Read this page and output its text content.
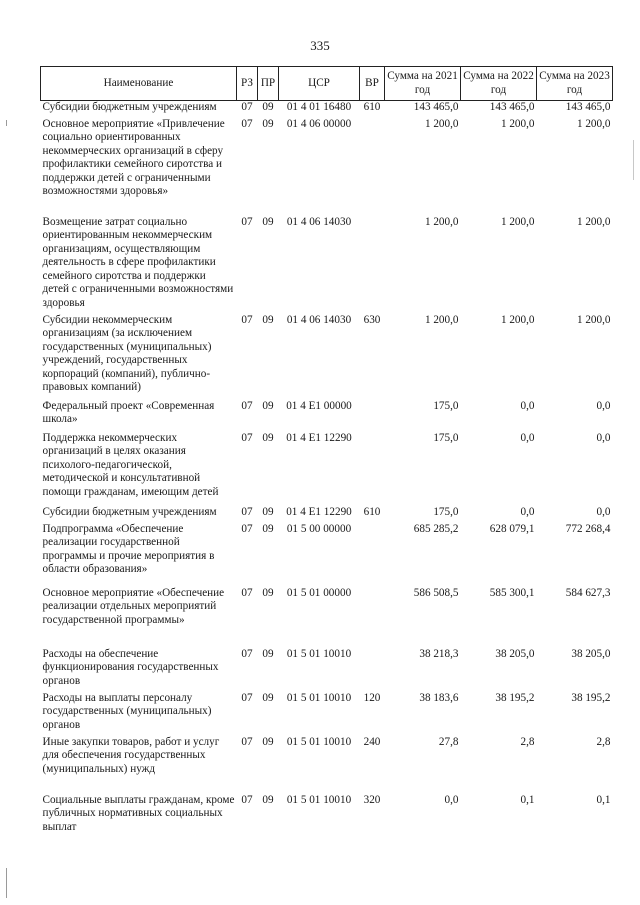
335
Наименование	РЗ	ПР	ЦСР	ВР	Сумма на 2021 год	Сумма на 2022 год	Сумма на 2023 год
Субсидии бюджетным учреждениям	07	09	01 4 01 16480	610	143 465,0	143 465,0	143 465,0
Основное мероприятие «Привлечение социально ориентированных некоммерческих организаций в сферу профилактики семейного сиротства и поддержки детей с ограниченными возможностями здоровья»	07	09	01 4 06 00000		1 200,0	1 200,0	1 200,0
Возмещение затрат социально ориентированным некоммерческим организациям, осуществляющим деятельность в сфере профилактики семейного сиротства и поддержки детей с ограниченными возможностями здоровья	07	09	01 4 06 14030		1 200,0	1 200,0	1 200,0
Субсидии некоммерческим организациям (за исключением государственных (муниципальных) учреждений, государственных корпораций (компаний), публично-правовых компаний)	07	09	01 4 06 14030	630	1 200,0	1 200,0	1 200,0
Федеральный проект «Современная школа»	07	09	01 4 E1 00000		175,0	0,0	0,0
Поддержка некоммерческих организаций в целях оказания психолого-педагогической, методической и консультативной помощи гражданам, имеющим детей	07	09	01 4 E1 12290		175,0	0,0	0,0
Субсидии бюджетным учреждениям	07	09	01 4 E1 12290	610	175,0	0,0	0,0
Подпрограмма «Обеспечение реализации государственной программы и прочие мероприятия в области образования»	07	09	01 5 00 00000		685 285,2	628 079,1	772 268,4
Основное мероприятие «Обеспечение реализации отдельных мероприятий государственной программы»	07	09	01 5 01 00000		586 508,5	585 300,1	584 627,3
Расходы на обеспечение функционирования государственных органов	07	09	01 5 01 10010		38 218,3	38 205,0	38 205,0
Расходы на выплаты персоналу государственных (муниципальных) органов	07	09	01 5 01 10010	120	38 183,6	38 195,2	38 195,2
Иные закупки товаров, работ и услуг для обеспечения государственных (муниципальных) нужд	07	09	01 5 01 10010	240	27,8	2,8	2,8
Социальные выплаты гражданам, кроме публичных нормативных социальных выплат	07	09	01 5 01 10010	320	0,0	0,1	0,1
